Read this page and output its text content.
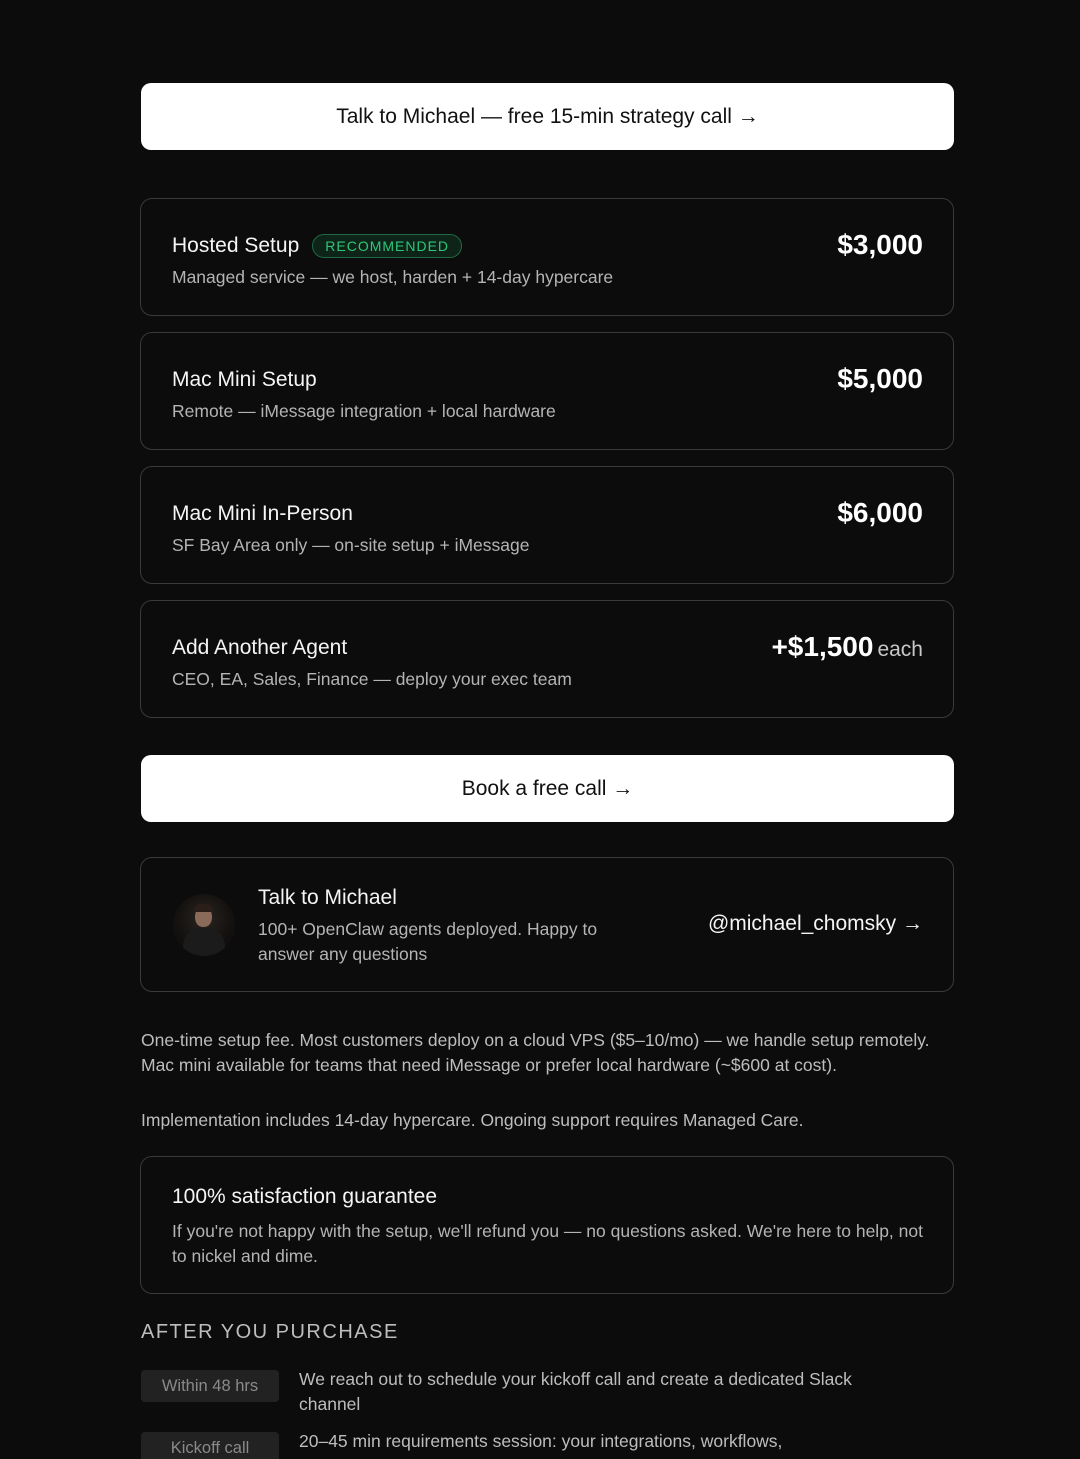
Talk to Michael — free 15-min strategy call →
Hosted Setup	RECOMMENDED
Managed service — we host, harden + 14-day hypercare
$3,000
Mac Mini Setup
Remote — iMessage integration + local hardware
$5,000
Mac Mini In-Person
SF Bay Area only — on-site setup + iMessage
$6,000
Add Another Agent
CEO, EA, Sales, Finance — deploy your exec team
+$1,500 each
Book a free call →
Talk to Michael
100+ OpenClaw agents deployed. Happy to answer any questions
@michael_chomsky →
One-time setup fee. Most customers deploy on a cloud VPS ($5–10/mo) — we handle setup remotely. Mac mini available for teams that need iMessage or prefer local hardware (~$600 at cost).
Implementation includes 14-day hypercare. Ongoing support requires Managed Care.
100% satisfaction guarantee
If you're not happy with the setup, we'll refund you — no questions asked. We're here to help, not to nickel and dime.
AFTER YOU PURCHASE
Within 48 hrs	We reach out to schedule your kickoff call and create a dedicated Slack channel
Kickoff call	20–45 min requirements session: your integrations, workflows,
